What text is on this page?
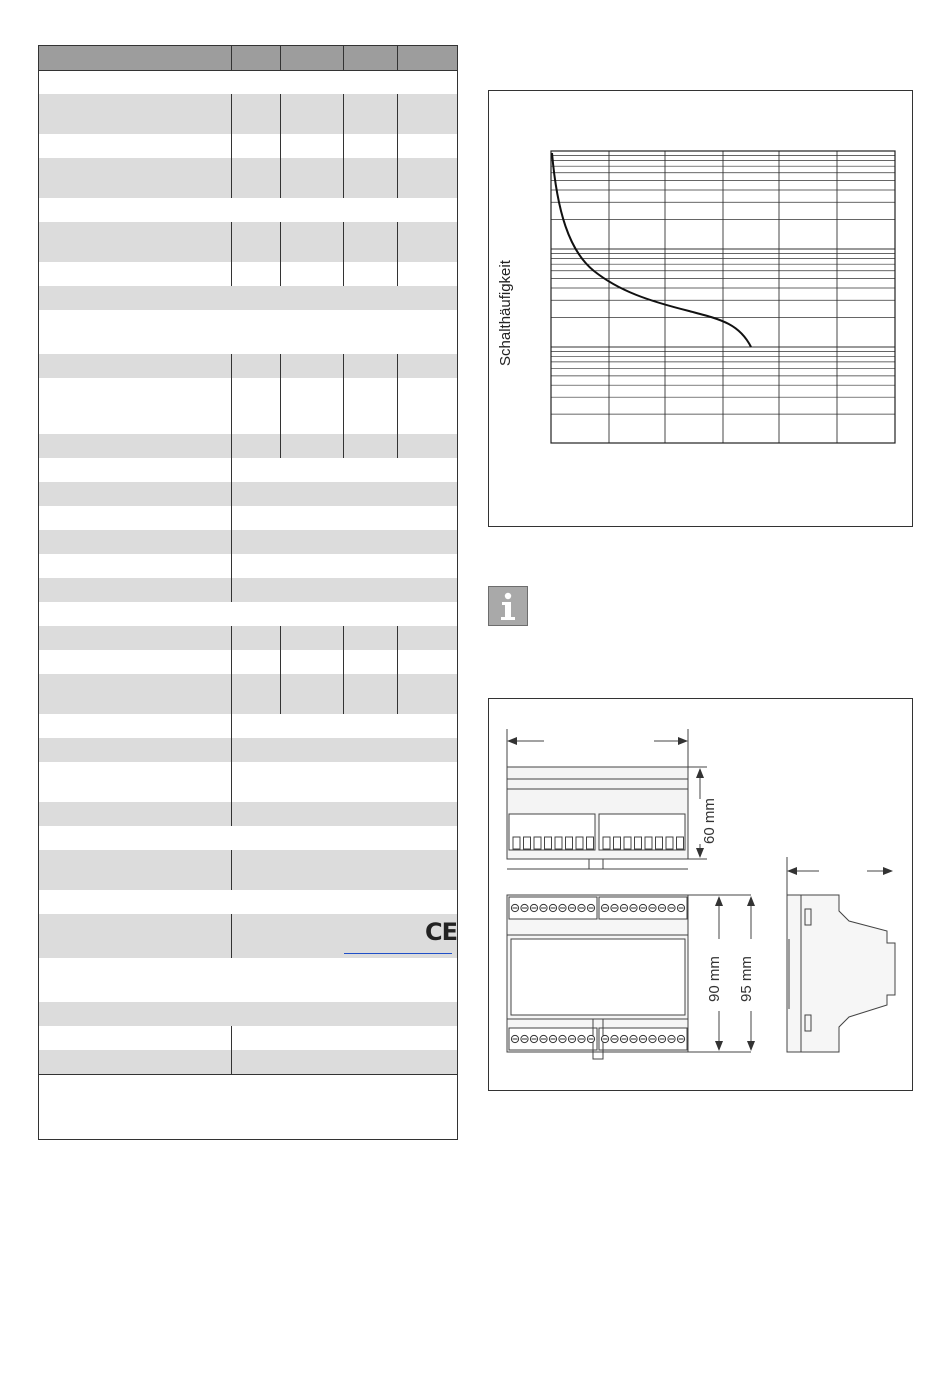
CE
Schalthäufigkeit
60 mm
90 mm 95 mm
